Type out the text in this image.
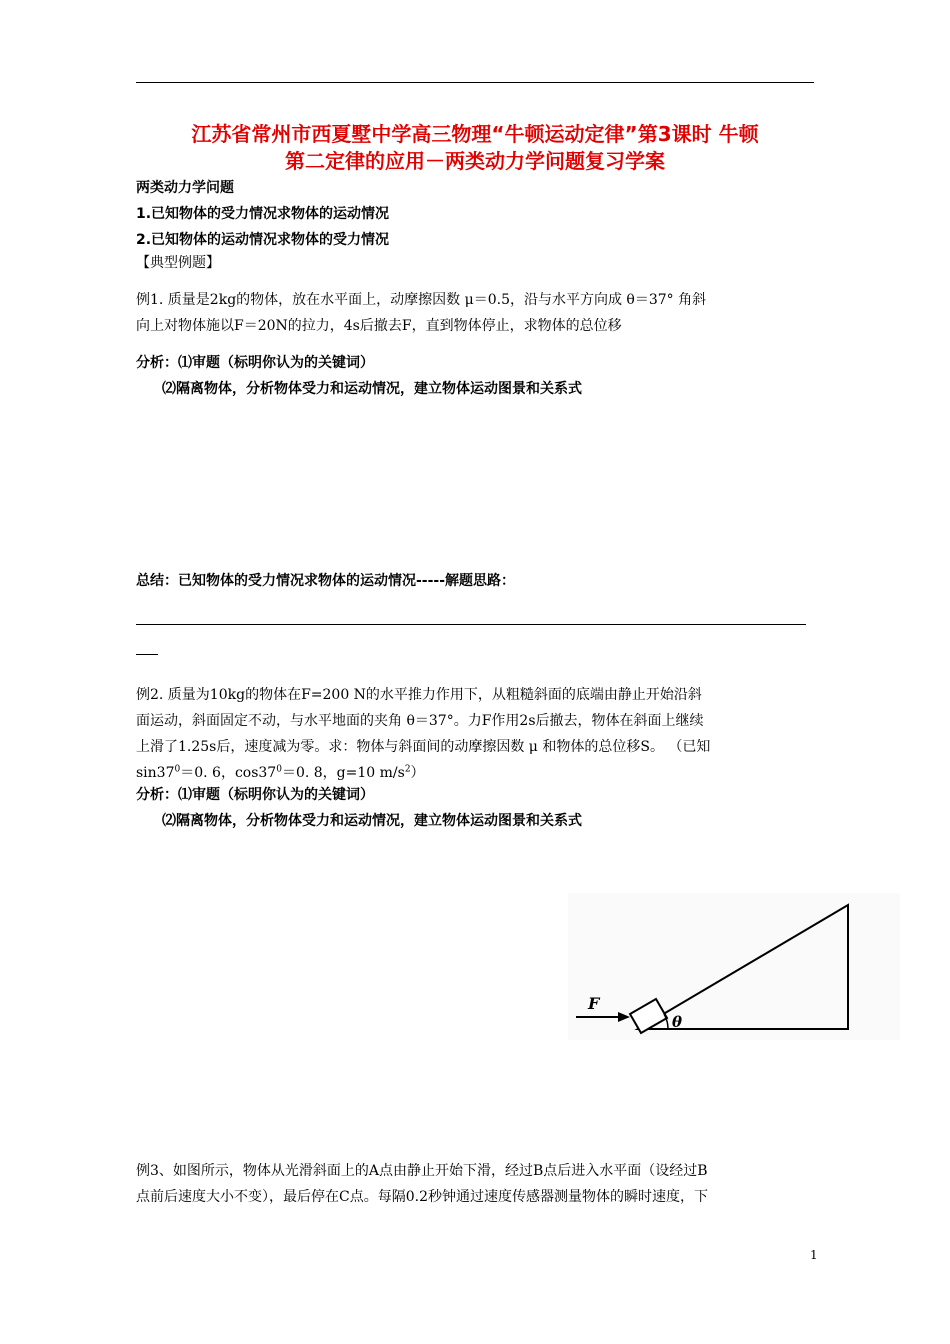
江苏省常州市西夏墅中学高三物理“牛顿运动定律”第3课时 牛顿
第二定律的应用－两类动力学问题复习学案
两类动力学问题
1.已知物体的受力情况求物体的运动情况
2.已知物体的运动情况求物体的受力情况
【典型例题】
例1. 质量是2kg的物体，放在水平面上，动摩擦因数 μ＝0.5，沿与水平方向成 θ＝37° 角斜
向上对物体施以F＝20N的拉力，4s后撤去F，直到物体停止，求物体的总位移
分析：⑴审题（标明你认为的关键词）
⑵隔离物体，分析物体受力和运动情况，建立物体运动图景和关系式
总结：已知物体的受力情况求物体的运动情况-----解题思路：
例2. 质量为10kg的物体在F=200 N的水平推力作用下，从粗糙斜面的底端由静止开始沿斜
面运动，斜面固定不动，与水平地面的夹角 θ＝37°。力F作用2s后撤去，物体在斜面上继续
上滑了1.25s后，速度减为零。求：物体与斜面间的动摩擦因数 μ 和物体的总位移S。 （已知
$\sin 37^0=0$. 6，$\cos 37^0=0$. 8，g=10 $m/s^2$）
分析：⑴审题（标明你认为的关键词）
⑵隔离物体，分析物体受力和运动情况，建立物体运动图景和关系式
F
θ
例3、如图所示，物体从光滑斜面上的A点由静止开始下滑，经过B点后进入水平面（设经过B
点前后速度大小不变），最后停在C点。每隔0.2秒钟通过速度传感器测量物体的瞬时速度，下
1
